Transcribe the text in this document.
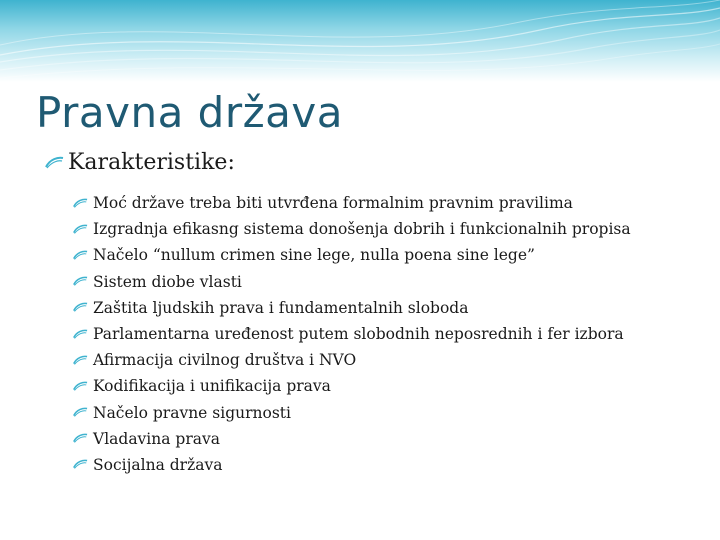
Pravna država
Karakteristike:
Moć države treba biti utvrđena formalnim pravnim pravilima
Izgradnja efikasng sistema donošenja dobrih i funkcionalnih propisa
Načelo “nullum crimen sine lege, nulla poena sine lege”
Sistem diobe vlasti
Zaštita ljudskih prava i fundamentalnih sloboda
Parlamentarna uređenost putem slobodnih neposrednih i fer izbora
Afirmacija civilnog društva i NVO
Kodifikacija i unifikacija prava
Načelo pravne sigurnosti
Vladavina prava
Socijalna država
